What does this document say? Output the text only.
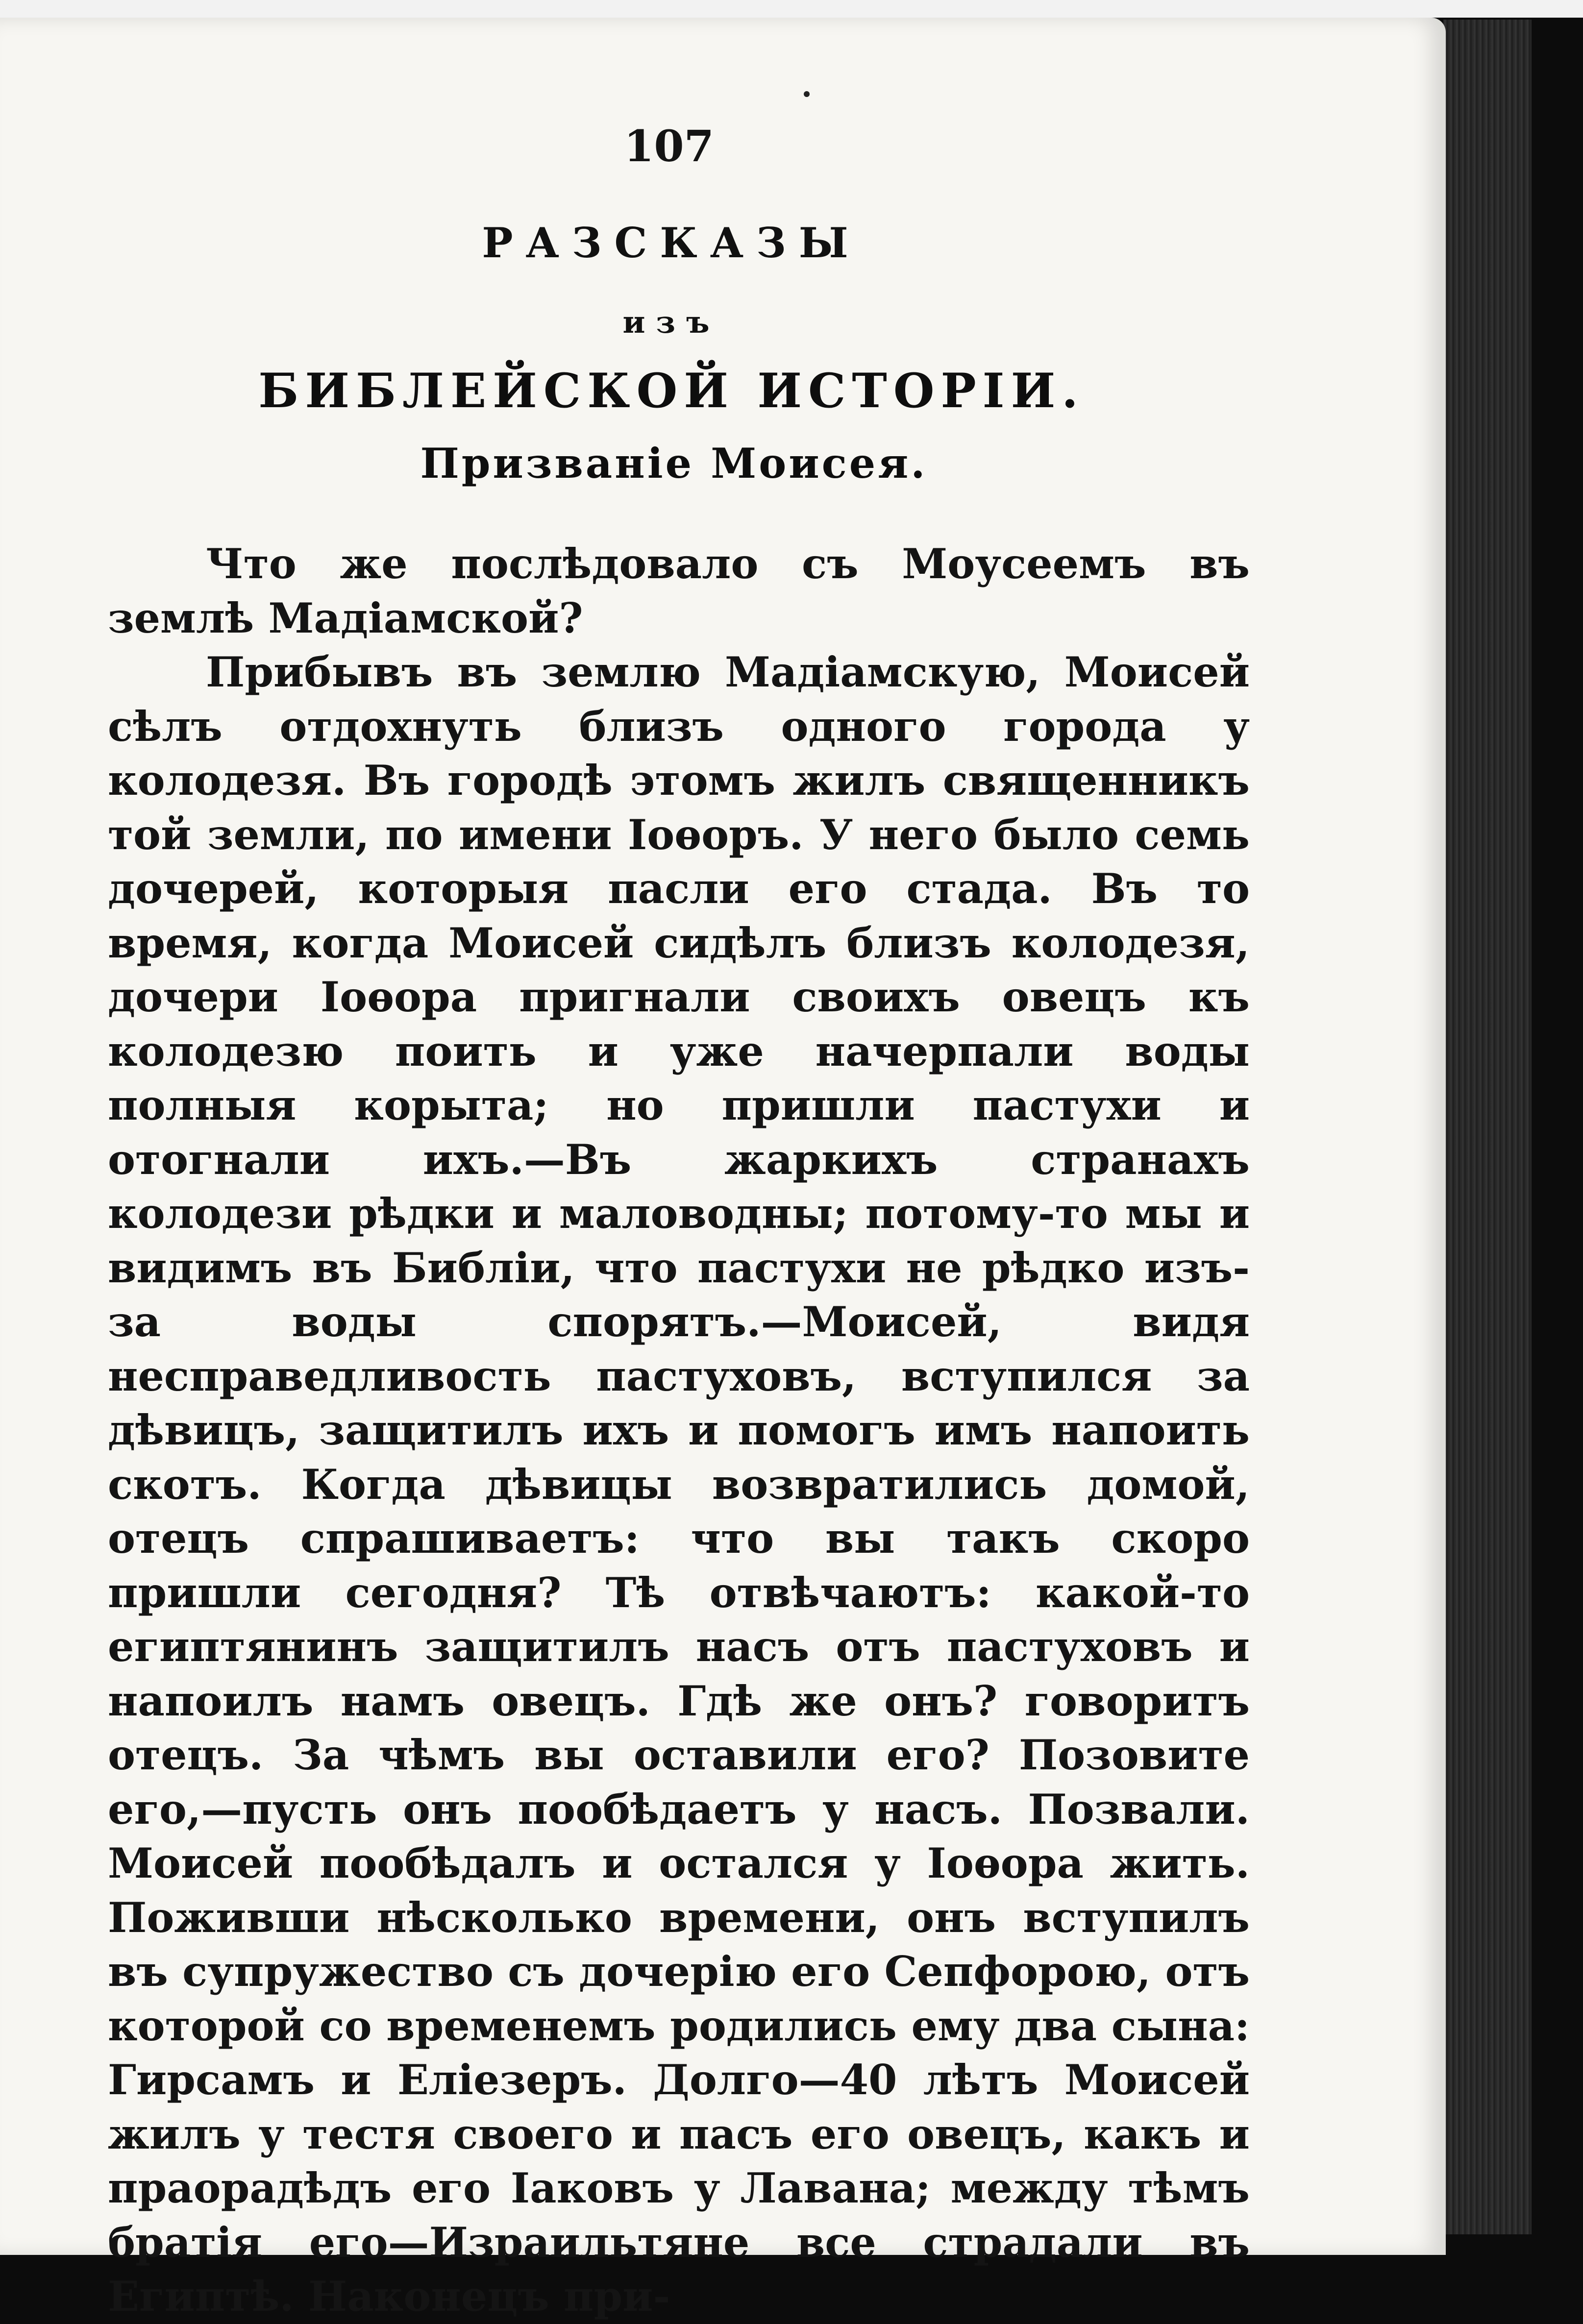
107
РАЗСКАЗЫ
изъ
БИБЛЕЙСКОЙ ИСТОРІИ.
Призваніе Моисея.

Что же послѣдовало съ Моусеемъ въ землѣ Мадіамской?

Прибывъ въ землю Мадіамскую, Моисей сѣлъ отдохнуть близъ одного города у колодезя. Въ городѣ этомъ жилъ священникъ той земли, по имени Іоѳоръ. У него было семь дочерей, которыя пасли его стада. Въ то время, когда Моисей сидѣлъ близъ колодезя, дочери Іоѳора пригнали своихъ овецъ къ колодезю поить и уже начерпали воды полныя корыта; но пришли пастухи и отогнали ихъ.—Въ жаркихъ странахъ колодези рѣдки и маловодны; потому-то мы и видимъ въ Библіи, что пастухи не рѣдко изъ-за воды спорятъ.—Моисей, видя несправедливость пастуховъ, вступился за дѣвицъ, защитилъ ихъ и помогъ имъ напоить скотъ. Когда дѣвицы возвратились домой, отецъ спрашиваетъ: что вы такъ скоро пришли сегодня? Тѣ отвѣчаютъ: какой-то египтянинъ защитилъ насъ отъ пастуховъ и напоилъ намъ овецъ. Гдѣ же онъ? говоритъ отецъ. За чѣмъ вы оставили его? Позовите его,—пусть онъ пообѣдаетъ у насъ. Позвали. Моисей пообѣдалъ и остался у Іоѳора жить. Поживши нѣсколько времени, онъ вступилъ въ супружество съ дочерію его Сепфорою, отъ которой со временемъ родились ему два сына: Гирсамъ и Еліезеръ. Долго—40 лѣтъ Моисей жилъ у тестя своего и пасъ его овецъ, какъ и праорадѣдъ его Іаковъ у Лавана; между тѣмъ братія его—Израильтяне все страдали въ Египтѣ. Наконецъ при-
